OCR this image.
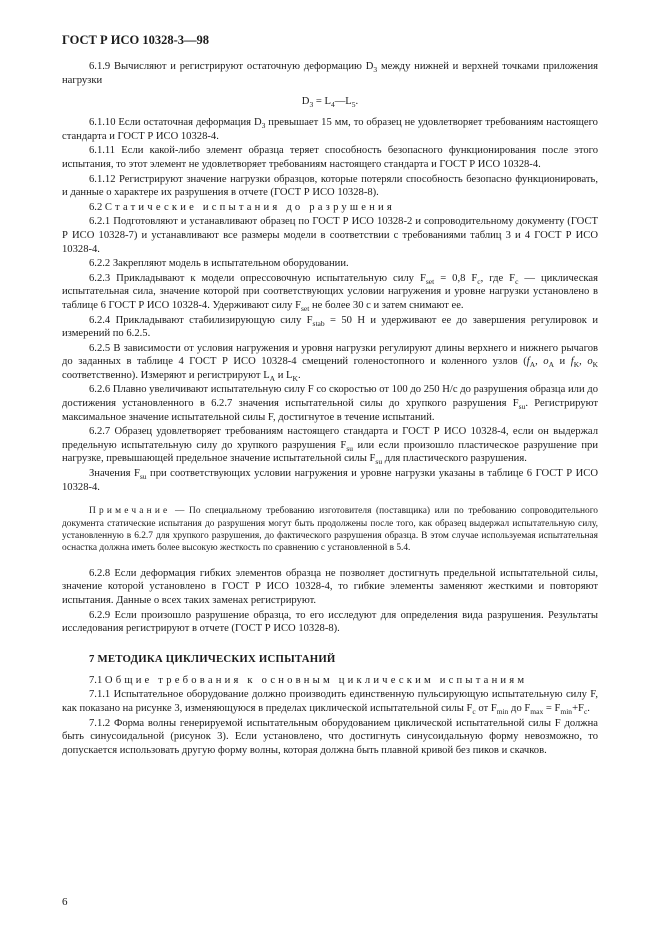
ГОСТ Р ИСО 10328-3—98

6.1.9 Вычисляют и регистрируют остаточную деформацию $D_3$ между нижней и верхней точками приложения нагрузки

$D_3$ = $L_4—L_5$.

6.1.10 Если остаточная деформация $D_3$ превышает 15 мм, то образец не удовлетворяет требованиям настоящего стандарта и ГОСТ Р ИСО 10328-4.

6.1.11 Если какой-либо элемент образца теряет способность безопасного функционирования после этого испытания, то этот элемент не удовлетворяет требованиям настоящего стандарта и ГОСТ Р ИСО 10328-4.

6.1.12 Регистрируют значение нагрузки образцов, которые потеряли способность безопасно функционировать, и данные о характере их разрушения в отчете (ГОСТ Р ИСО 10328-8).

6.2 Статические испытания до разрушения

6.2.1 Подготовляют и устанавливают образец по ГОСТ Р ИСО 10328-2 и сопроводительному документу (ГОСТ Р ИСО 10328-7) и устанавливают все размеры модели в соответствии с требованиями таблиц 3 и 4 ГОСТ Р ИСО 10328-4.

6.2.2 Закрепляют модель в испытательном оборудовании.

6.2.3 Прикладывают к модели опрессовочную испытательную силу $F_{set} = 0,8$ $F_c$, где $F_c$ — циклическая испытательная сила, значение которой при соответствующих условии нагружения и уровне нагрузки установлено в таблице 6 ГОСТ Р ИСО 10328-4. Удерживают силу $F_{set}$ не более 30 с и затем снимают ее.

6.2.4 Прикладывают стабилизирующую силу $F_{stab} = 50$ Н и удерживают ее до завершения регулировок и измерений по 6.2.5.

6.2.5 В зависимости от условия нагружения и уровня нагрузки регулируют длины верхнего и нижнего рычагов до заданных в таблице 4 ГОСТ Р ИСО 10328-4 смещений голеностопного и коленного узлов ($f_A$, $o_A$ и $f_K$, $o_K$ соответственно). Измеряют и регистрируют $L_A$ и $L_K$.

6.2.6 Плавно увеличивают испытательную силу F со скоростью от 100 до 250 Н/с до разрушения образца или до достижения установленного в 6.2.7 значения испытательной силы до хрупкого разрушения $F_{su}$. Регистрируют максимальное значение испытательной силы F, достигнутое в течение испытаний.

6.2.7 Образец удовлетворяет требованиям настоящего стандарта и ГОСТ Р ИСО 10328-4, если он выдержал предельную испытательную силу до хрупкого разрушения $F_{su}$ или если произошло пластическое разрушение при нагрузке, превышающей предельное значение испытательной силы $F_{su}$ для пластического разрушения.

Значения $F_{su}$ при соответствующих условии нагружения и уровне нагрузки указаны в таблице 6 ГОСТ Р ИСО 10328-4.

Примечание — По специальному требованию изготовителя (поставщика) или по требованию сопроводительного документа статические испытания до разрушения могут быть продолжены после того, как образец выдержал испытательную силу, установленную в 6.2.7 для хрупкого разрушения, до фактического разрушения образца. В этом случае используемая испытательная оснастка должна иметь более высокую жесткость по сравнению с установленной в 5.4.

6.2.8 Если деформация гибких элементов образца не позволяет достигнуть предельной испытательной силы, значение которой установлено в ГОСТ Р ИСО 10328-4, то гибкие элементы заменяют жесткими и повторяют испытания. Данные о всех таких заменах регистрируют.

6.2.9 Если произошло разрушение образца, то его исследуют для определения вида разрушения. Результаты исследования регистрируют в отчете (ГОСТ Р ИСО 10328-8).

7 МЕТОДИКА ЦИКЛИЧЕСКИХ ИСПЫТАНИЙ

7.1 Общие требования к основным циклическим испытаниям

7.1.1 Испытательное оборудование должно производить единственную пульсирующую испытательную силу F, как показано на рисунке 3, изменяющуюся в пределах циклической испытательной силы $F_c$ от $F_{min}$ до $F_{max} = F_{min}+F_c$.

7.1.2 Форма волны генерируемой испытательным оборудованием циклической испытательной силы F должна быть синусоидальной (рисунок 3). Если установлено, что достигнуть синусоидальную форму невозможно, то допускается использовать другую форму волны, которая должна быть плавной кривой без пиков и скачков.

6
